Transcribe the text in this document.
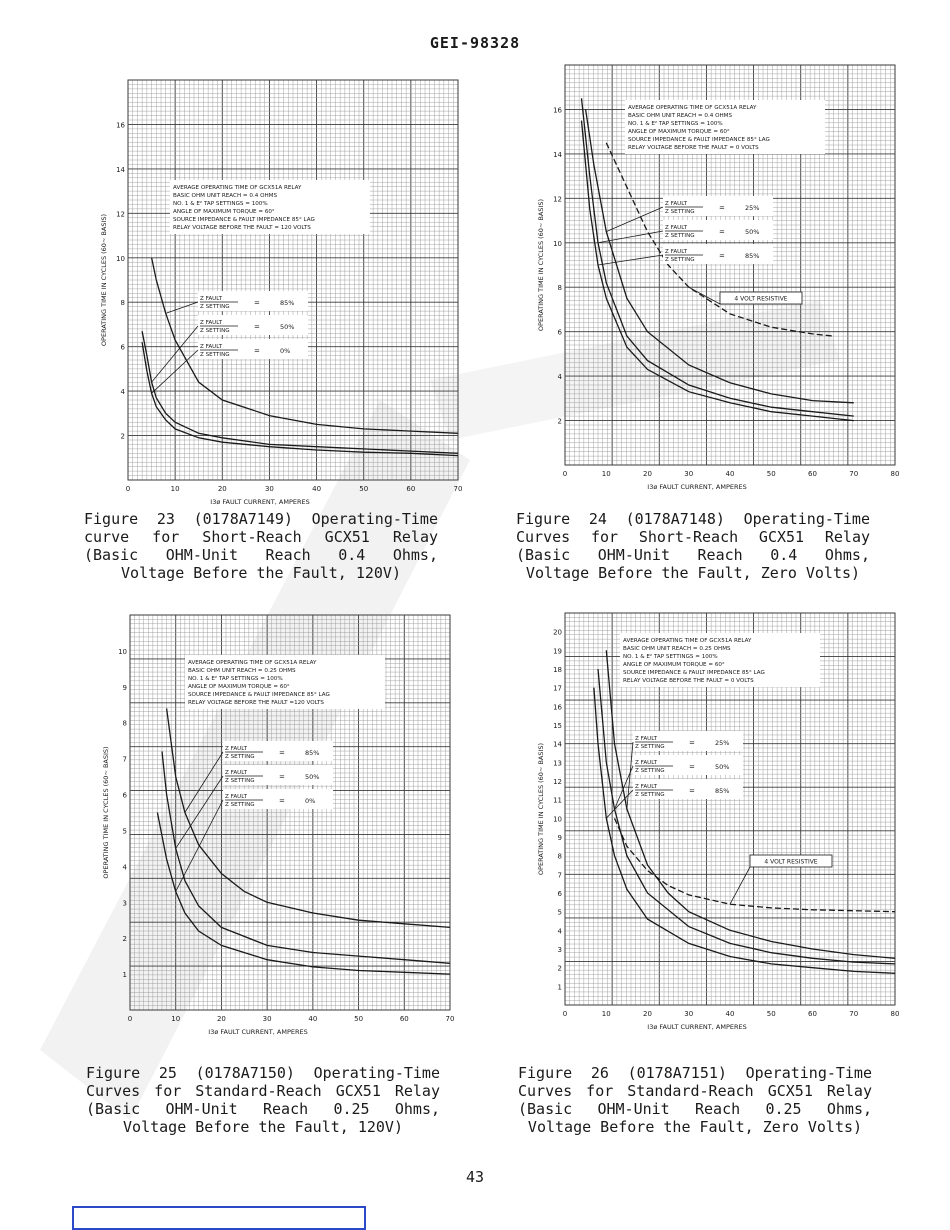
GEI-98328
0	10	20	30	40	50	60	70
2
4
6
8
10
12
14
16
I3ø FAULT CURRENT, AMPERES
OPERATING TIME IN CYCLES (60∼ BASIS)
AVERAGE OPERATING TIME OF GCX51A RELAY
BASIC OHM UNIT REACH = 0.4 OHMS
NO. 1 & E² TAP SETTINGS = 100%
ANGLE OF MAXIMUM TORQUE = 60°
SOURCE IMPEDANCE & FAULT IMPEDANCE 85° LAG
RELAY VOLTAGE BEFORE THE FAULT = 120 VOLTS
Z FAULT
Z SETTING	=	85%
Z FAULT
Z SETTING	=	50%
Z FAULT
Z SETTING	=	0%
Figure 23 (0178A7149) Operating-Time
curve for Short-Reach GCX51 Relay
(Basic OHM-Unit Reach 0.4 Ohms,
Voltage Before the Fault, 120V)
0	10	20	30	40	50	60	70	80
2
4
6
8
10
12
14
16
I3ø FAULT CURRENT, AMPERES
OPERATING TIME IN CYCLES (60∼ BASIS)
AVERAGE OPERATING TIME OF GCX51A RELAY
BASIC OHM UNIT REACH = 0.4 OHMS
NO. 1 & E² TAP SETTINGS = 100%
ANGLE OF MAXIMUM TORQUE = 60°
SOURCE IMPEDANCE & FAULT IMPEDANCE 85° LAG
RELAY VOLTAGE BEFORE THE FAULT = 0 VOLTS
Z FAULT
Z SETTING	=	25%
Z FAULT
Z SETTING	=	50%
Z FAULT
Z SETTING	=	85%
4 VOLT RESISTIVE
Figure 24 (0178A7148) Operating-Time
Curves for Short-Reach GCX51 Relay
(Basic OHM-Unit Reach 0.4 Ohms,
Voltage Before the Fault, Zero Volts)
0	10	20	30	40	50	60	70
1
2
3
4
5
6
7
8
9
10
I3ø FAULT CURRENT, AMPERES
OPERATING TIME IN CYCLES (60∼ BASIS)
AVERAGE OPERATING TIME OF GCX51A RELAY
BASIC OHM UNIT REACH = 0.25 OHMS
NO. 1 & E² TAP SETTINGS = 100%
ANGLE OF MAXIMUM TORQUE = 60°
SOURCE IMPEDANCE & FAULT IMPEDANCE 85° LAG
RELAY VOLTAGE BEFORE THE FAULT =120 VOLTS
Z FAULT
Z SETTING	=	85%
Z FAULT
Z SETTING	=	50%
Z FAULT
Z SETTING	=	0%
Figure 25 (0178A7150) Operating-Time
Curves for Standard-Reach GCX51 Relay
(Basic OHM-Unit Reach 0.25 Ohms,
Voltage Before the Fault, 120V)
0	10	20	30	40	50	60	70	80
1
2
3
4
5
6
7
8
9
10
11
12
13
14
15
16
17
18
19
20
I3ø FAULT CURRENT, AMPERES
OPERATING TIME IN CYCLES (60∼ BASIS)
AVERAGE OPERATING TIME OF GCX51A RELAY
BASIC OHM UNIT REACH = 0.25 OHMS
NO. 1 & E² TAP SETTINGS = 100%
ANGLE OF MAXIMUM TORQUE = 60°
SOURCE IMPEDANCE & FAULT IMPEDANCE 85° LAG
RELAY VOLTAGE BEFORE THE FAULT = 0 VOLTS
Z FAULT
Z SETTING	=	25%
Z FAULT
Z SETTING	=	50%
Z FAULT
Z SETTING	=	85%
4 VOLT RESISTIVE
Figure 26 (0178A7151) Operating-Time
Curves for Standard-Reach GCX51 Relay
(Basic OHM-Unit Reach 0.25 Ohms,
Voltage Before the Fault, Zero Volts)
43
